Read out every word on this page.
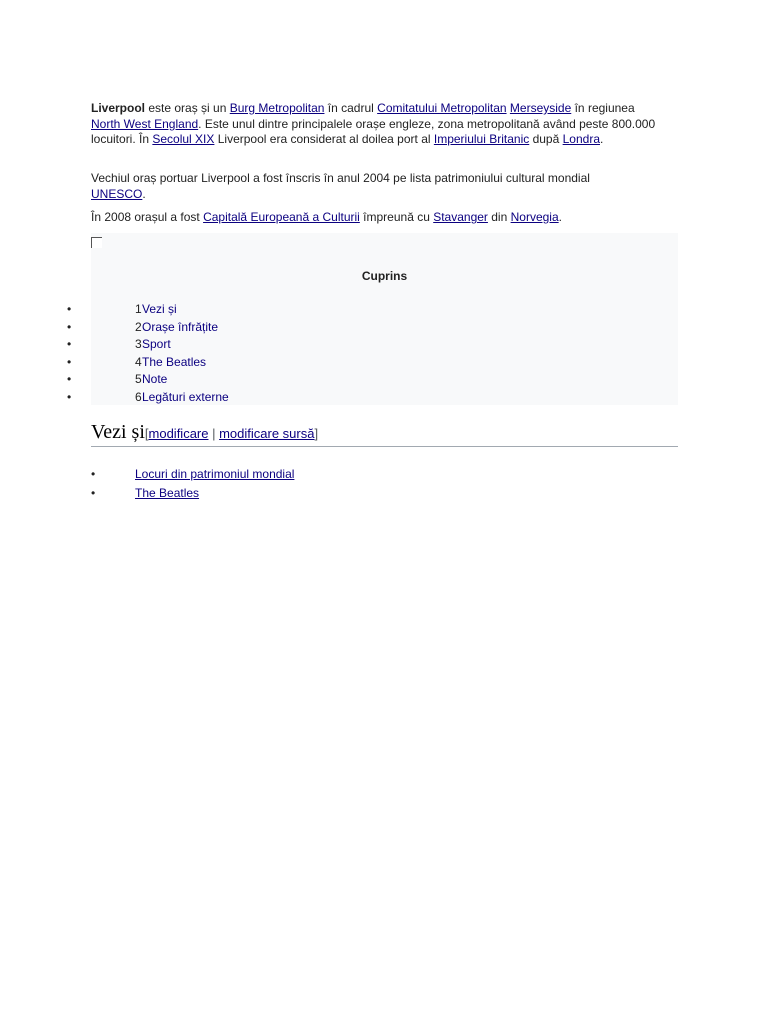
Liverpool este oraș și un Burg Metropolitan în cadrul Comitatului Metropolitan Merseyside în regiunea North West England. Este unul dintre principalele orașe engleze, zona metropolitană având peste 800.000 locuitori. În Secolul XIX Liverpool era considerat al doilea port al Imperiului Britanic după Londra.

Vechiul oraș portuar Liverpool a fost înscris în anul 2004 pe lista patrimoniului cultural mondial UNESCO.

În 2008 orașul a fost Capitală Europeană a Culturii împreună cu Stavanger din Norvegia.

Cuprins
•	1 Vezi și
•	2 Orașe înfrățite
•	3 Sport
•	4 The Beatles
•	5 Note
•	6 Legături externe
Vezi și[modificare | modificare sursă]
•	Locuri din patrimoniul mondial
•	The Beatles
